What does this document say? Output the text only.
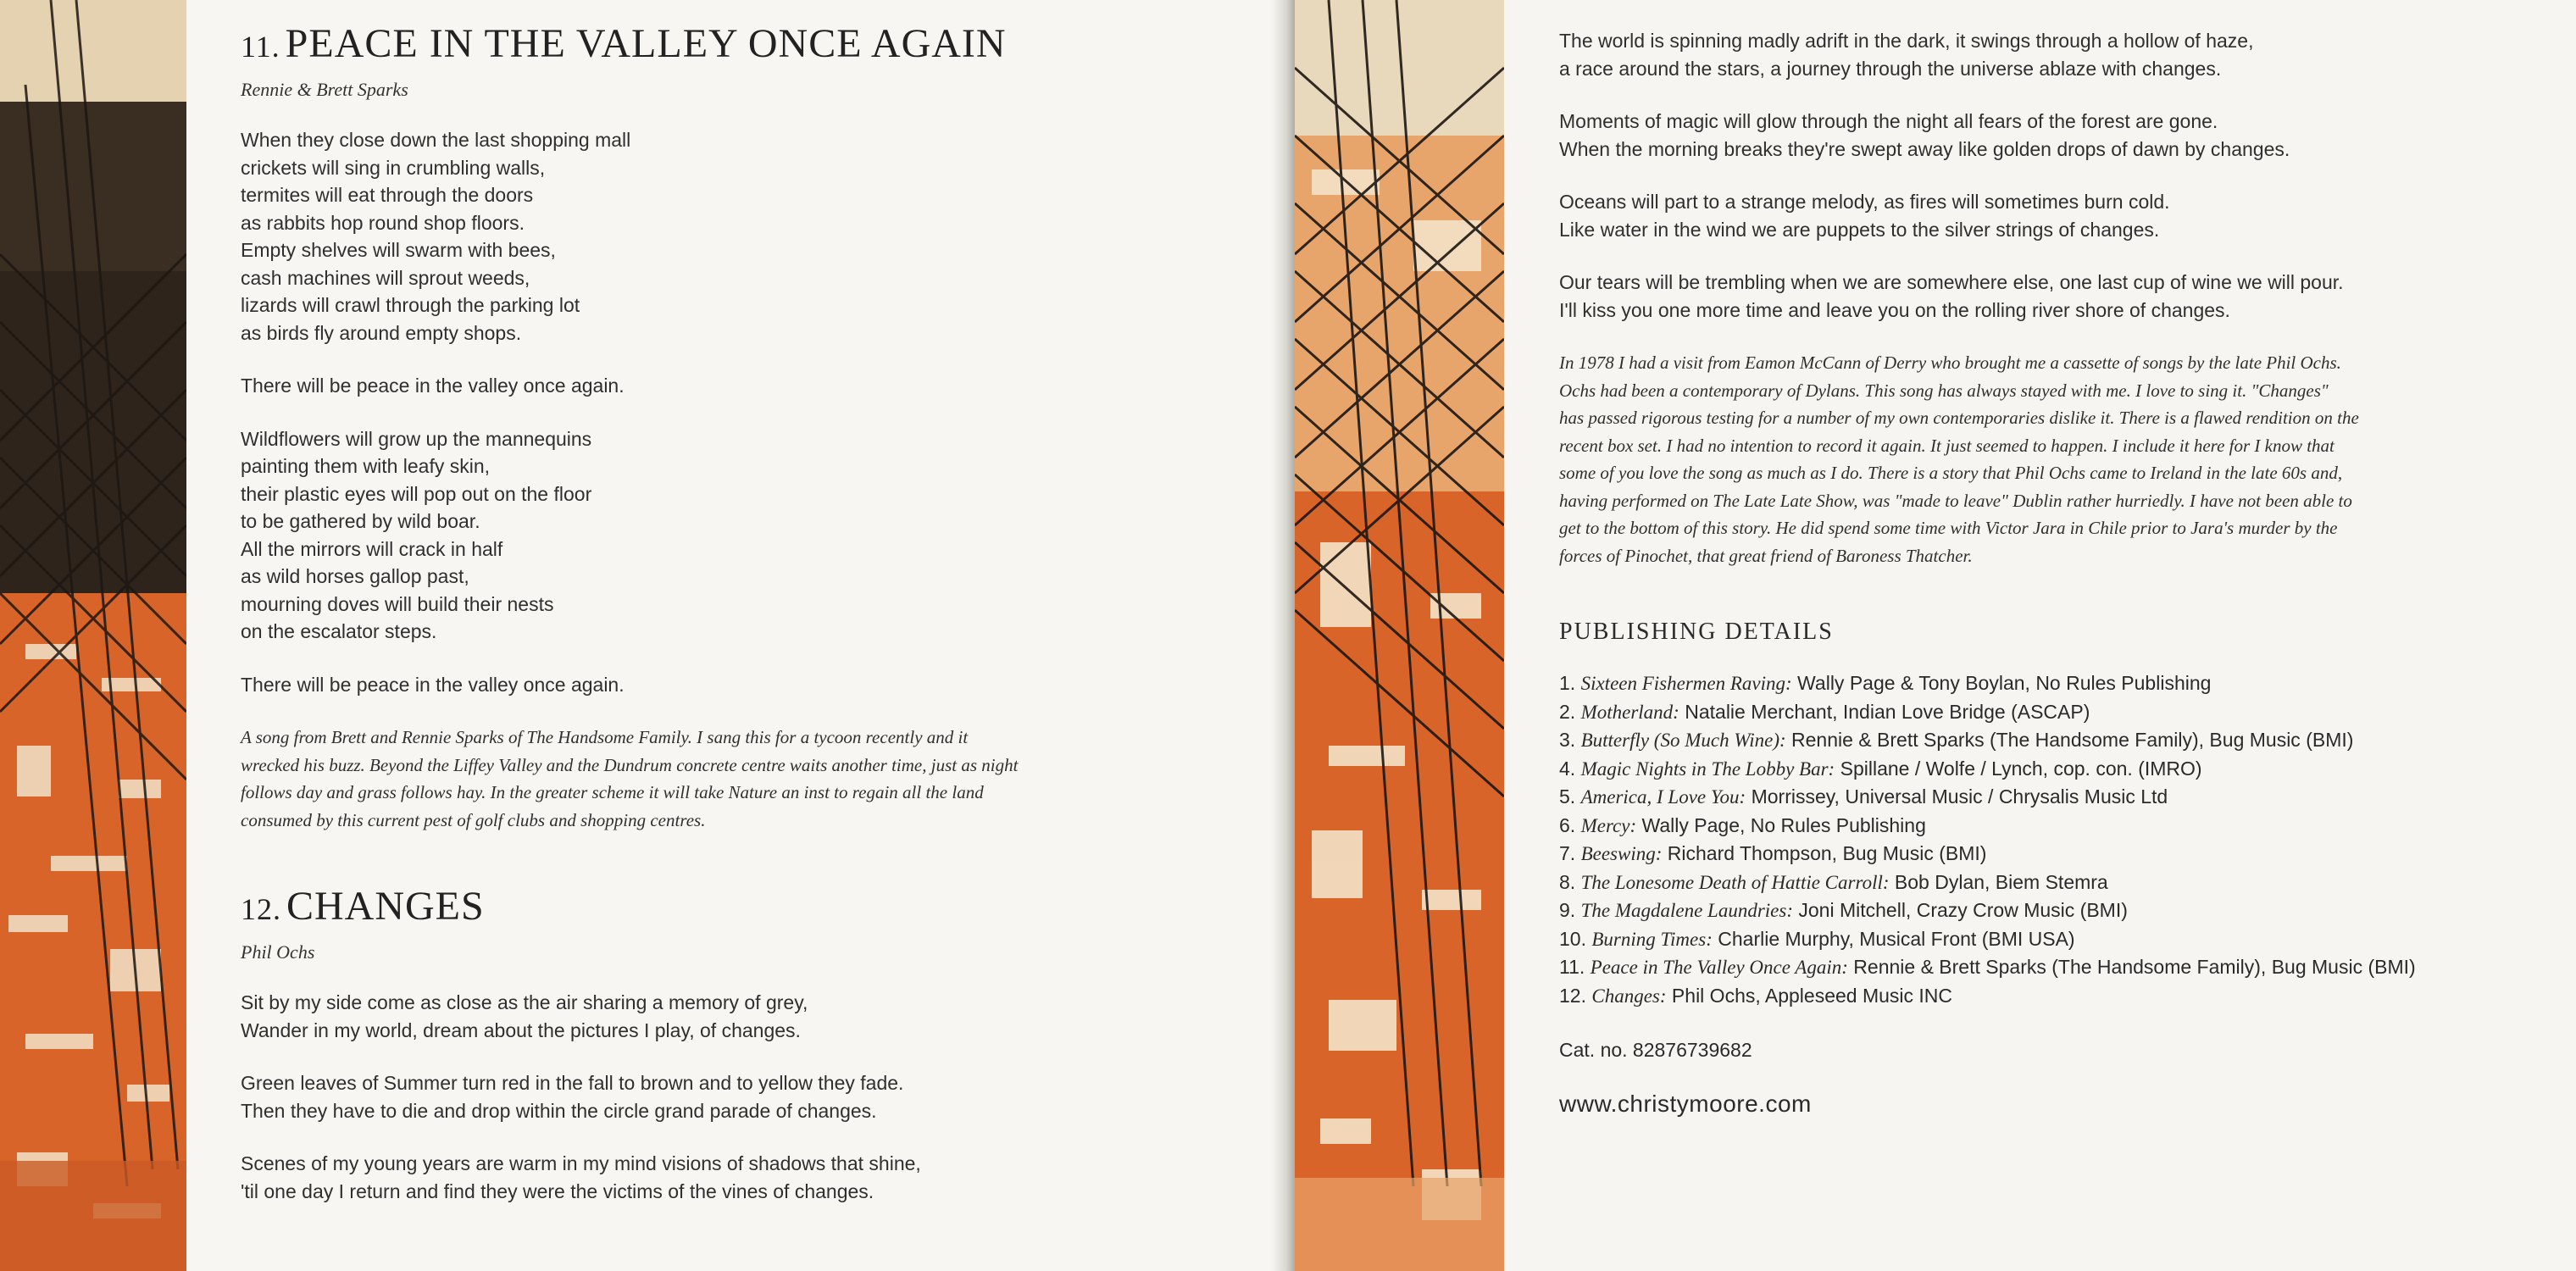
11. PEACE IN THE VALLEY ONCE AGAIN
Rennie & Brett Sparks
When they close down the last shopping mall
crickets will sing in crumbling walls,
termites will eat through the doors
as rabbits hop round shop floors.
Empty shelves will swarm with bees,
cash machines will sprout weeds,
lizards will crawl through the parking lot
as birds fly around empty shops.
There will be peace in the valley once again.
Wildflowers will grow up the mannequins
painting them with leafy skin,
their plastic eyes will pop out on the floor
to be gathered by wild boar.
All the mirrors will crack in half
as wild horses gallop past,
mourning doves will build their nests
on the escalator steps.
There will be peace in the valley once again.
A song from Brett and Rennie Sparks of The Handsome Family. I sang this for a tycoon recently and it
wrecked his buzz. Beyond the Liffey Valley and the Dundrum concrete centre waits another time, just as night
follows day and grass follows hay. In the greater scheme it will take Nature an inst to regain all the land
consumed by this current pest of golf clubs and shopping centres.
12. CHANGES
Phil Ochs
Sit by my side come as close as the air sharing a memory of grey,
Wander in my world, dream about the pictures I play, of changes.
Green leaves of Summer turn red in the fall to brown and to yellow they fade.
Then they have to die and drop within the circle grand parade of changes.
Scenes of my young years are warm in my mind visions of shadows that shine,
'til one day I return and find they were the victims of the vines of changes.
The world is spinning madly adrift in the dark, it swings through a hollow of haze,
a race around the stars, a journey through the universe ablaze with changes.
Moments of magic will glow through the night all fears of the forest are gone.
When the morning breaks they're swept away like golden drops of dawn by changes.
Oceans will part to a strange melody, as fires will sometimes burn cold.
Like water in the wind we are puppets to the silver strings of changes.
Our tears will be trembling when we are somewhere else, one last cup of wine we will pour.
I'll kiss you one more time and leave you on the rolling river shore of changes.
In 1978 I had a visit from Eamon McCann of Derry who brought me a cassette of songs by the late Phil Ochs.
Ochs had been a contemporary of Dylans. This song has always stayed with me. I love to sing it. "Changes"
has passed rigorous testing for a number of my own contemporaries dislike it. There is a flawed rendition on the
recent box set. I had no intention to record it again. It just seemed to happen. I include it here for I know that
some of you love the song as much as I do. There is a story that Phil Ochs came to Ireland in the late 60s and,
having performed on The Late Late Show, was "made to leave" Dublin rather hurriedly. I have not been able to
get to the bottom of this story. He did spend some time with Victor Jara in Chile prior to Jara's murder by the
forces of Pinochet, that great friend of Baroness Thatcher.
PUBLISHING DETAILS
1. Sixteen Fishermen Raving: Wally Page & Tony Boylan, No Rules Publishing
2. Motherland: Natalie Merchant, Indian Love Bridge (ASCAP)
3. Butterfly (So Much Wine): Rennie & Brett Sparks (The Handsome Family), Bug Music (BMI)
4. Magic Nights in The Lobby Bar: Spillane / Wolfe / Lynch, cop. con. (IMRO)
5. America, I Love You: Morrissey, Universal Music / Chrysalis Music Ltd
6. Mercy: Wally Page, No Rules Publishing
7. Beeswing: Richard Thompson, Bug Music (BMI)
8. The Lonesome Death of Hattie Carroll: Bob Dylan, Biem Stemra
9. The Magdalene Laundries: Joni Mitchell, Crazy Crow Music (BMI)
10. Burning Times: Charlie Murphy, Musical Front (BMI USA)
11. Peace in The Valley Once Again: Rennie & Brett Sparks (The Handsome Family), Bug Music (BMI)
12. Changes: Phil Ochs, Appleseed Music INC
Cat. no. 82876739682
www.christymoore.com
